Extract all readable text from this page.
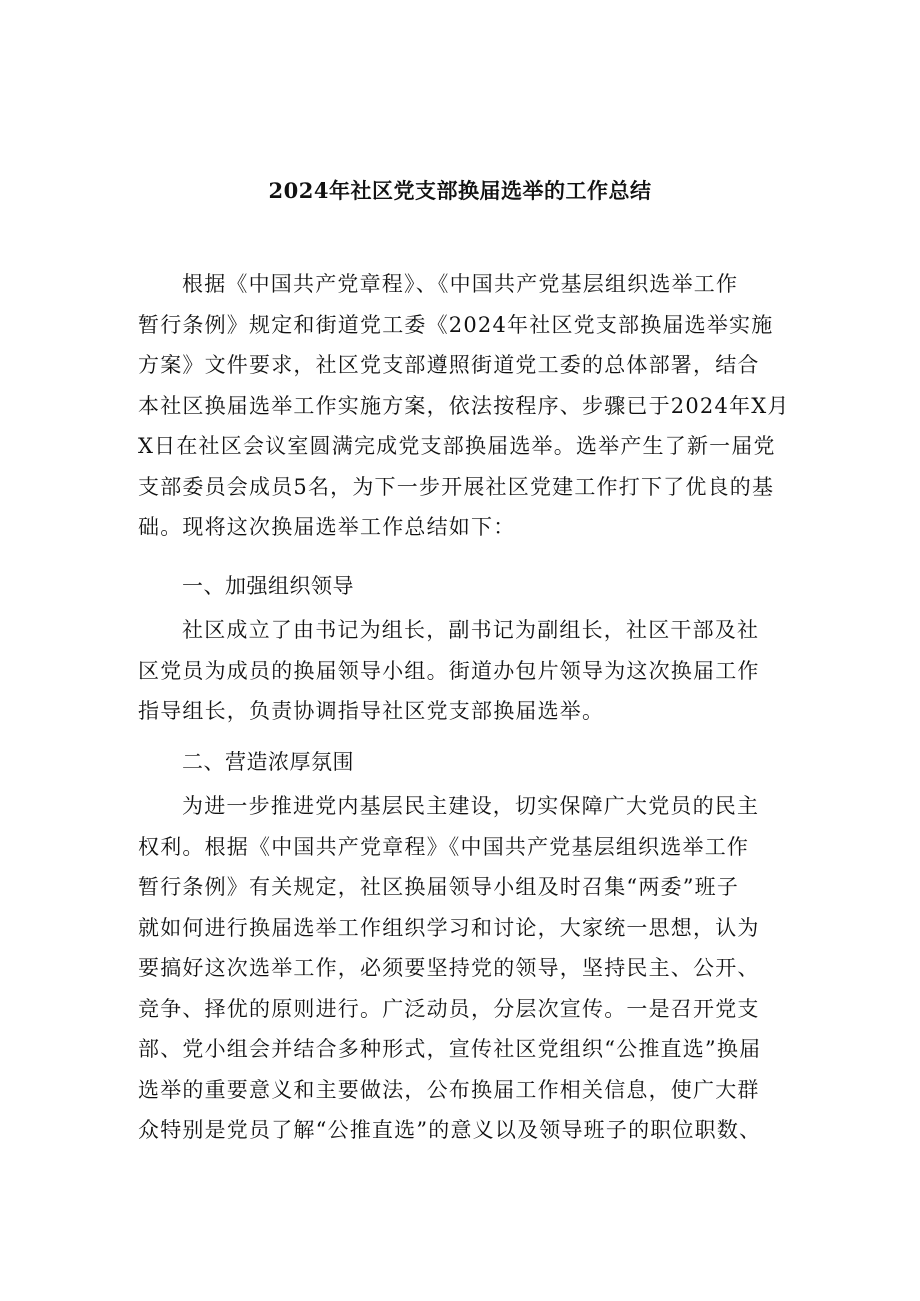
2024年社区党支部换届选举的工作总结
根据《中国共产党章程》、《中国共产党基层组织选举工作
暂行条例》规定和街道党工委《2024年社区党支部换届选举实施
方案》文件要求，社区党支部遵照街道党工委的总体部署，结合
本社区换届选举工作实施方案，依法按程序、步骤已于2024年X月
X日在社区会议室圆满完成党支部换届选举。选举产生了新一届党
支部委员会成员5名，为下一步开展社区党建工作打下了优良的基
础。现将这次换届选举工作总结如下：
一、加强组织领导
社区成立了由书记为组长，副书记为副组长，社区干部及社
区党员为成员的换届领导小组。街道办包片领导为这次换届工作
指导组长，负责协调指导社区党支部换届选举。
二、营造浓厚氛围
为进一步推进党内基层民主建设，切实保障广大党员的民主
权利。根据《中国共产党章程》《中国共产党基层组织选举工作
暂行条例》有关规定，社区换届领导小组及时召集“两委”班子
就如何进行换届选举工作组织学习和讨论，大家统一思想，认为
要搞好这次选举工作，必须要坚持党的领导，坚持民主、公开、
竞争、择优的原则进行。广泛动员，分层次宣传。一是召开党支
部、党小组会并结合多种形式，宣传社区党组织“公推直选”换届
选举的重要意义和主要做法，公布换届工作相关信息，使广大群
众特别是党员了解“公推直选”的意义以及领导班子的职位职数、
